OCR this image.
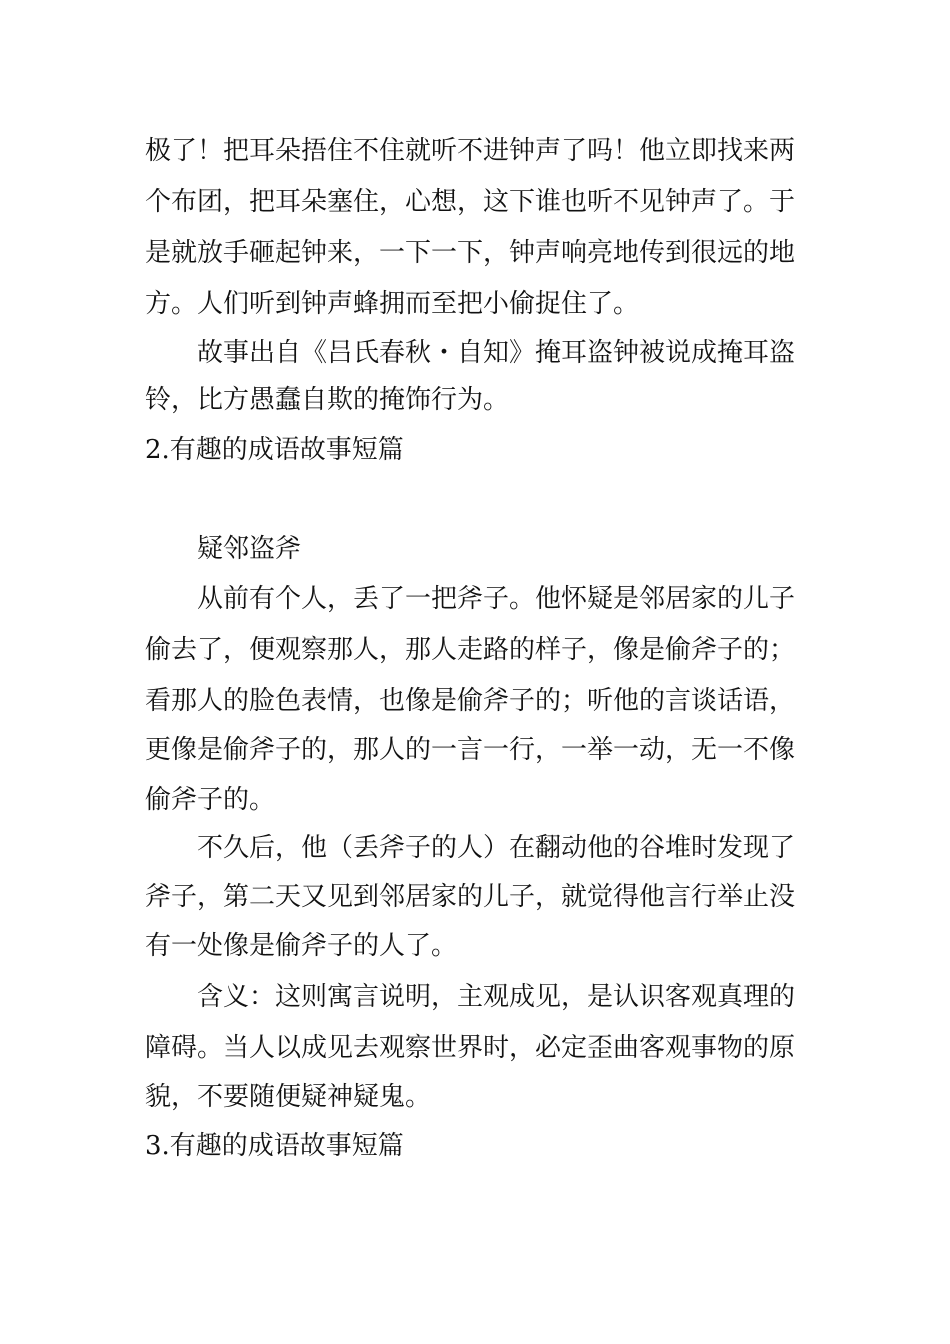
极了！把耳朵捂住不住就听不进钟声了吗！他立即找来两

个布团，把耳朵塞住，心想，这下谁也听不见钟声了。于

是就放手砸起钟来，一下一下，钟声响亮地传到很远的地

方。人们听到钟声蜂拥而至把小偷捉住了。

故事出自《吕氏春秋・自知》掩耳盗钟被说成掩耳盗

铃，比方愚蠢自欺的掩饰行为。

2.有趣的成语故事短篇

疑邻盗斧

从前有个人，丢了一把斧子。他怀疑是邻居家的儿子

偷去了，便观察那人，那人走路的样子，像是偷斧子的；

看那人的脸色表情，也像是偷斧子的；听他的言谈话语，

更像是偷斧子的，那人的一言一行，一举一动，无一不像

偷斧子的。

不久后，他（丢斧子的人）在翻动他的谷堆时发现了

斧子，第二天又见到邻居家的儿子，就觉得他言行举止没

有一处像是偷斧子的人了。

含义：这则寓言说明，主观成见，是认识客观真理的

障碍。当人以成见去观察世界时，必定歪曲客观事物的原

貌，不要随便疑神疑鬼。

3.有趣的成语故事短篇
